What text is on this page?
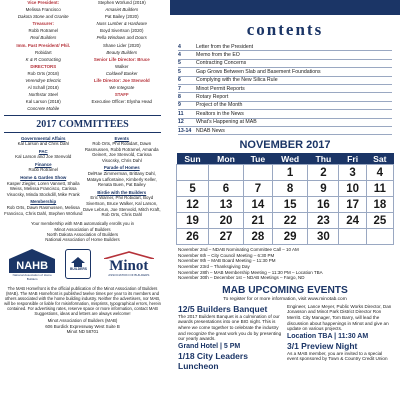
Vice President:
Melissa Francisco
Dakota Stone and Granite
Treasurer:
Robb Rotramel
Real Builders
Imm. Past President/ Phil.
Robidart
K & R Contracting
DIRECTORS
Rob Orts (2018)
Verendrye Electric
Al Schall (2018)
Northstar Steel
Kal Larson (2018)
Concrete Mobile
Stephen Wörlund (2019)
Amasiet Builders
Pat Bailey (2020)
Nuss Lumber & Hardware
Boyd Sivertson (2020)
Pella Windows and Doors
Shane Lider (2020)
Beauty Builders
Senior Life Director: Bruce
Walker
Coldwell Banker
Life Director: Joe Stenvold
We Integrate
STAFF
Executive Officer: Elysha Head
2017 COMMITTEES
Governmental Affairs
Kal Larson and Chris Dahl
PAC
Kal Larson and Joe Stenvold
Finance
Robb Rotramel
Home & Garden Show
Kasper Ziegler, Loren Vannett, Shaila Weiss, Melissa Francisco, Carissa Visocsky, Minda Stockdill, Mike Frank
Membership
Rob Orts, Dawn Rasmussen, Melissa Francisco, Chris Dahl, Stephen Wörlund
Events
Rob Orts, Phil Robidart, Dawn Rasmussen, Robb Rotramel, Amanda Geinert, Joe Stenvold, Carissa Visocsky, Chris Dahl
Parade of Homes
DelRae Zimmerman, Brittany Dahl, Mataya Laflontaine, Kimberly Keller, Renata Buen, Pat Bailey
Birdie with the Builders
Eric Warner, Phil Robidart, Boyd Sivertson, Bruce Walker, Kal Larson, Dave Lebrun, Joe Stenvold, Mitch Kraft, Rob Orts, Chris Dahl
Your membership with MAB automatically enrolls you in
Minot Association of Builders
North Dakota Association of Builders
National Association of Home Builders
NAHB
National Association of Home Builders
BUILDERS Minot
ASSOCIATION OF BUILDERS
The MAB Homefront is the official publication of the Minot Association of Builders (MAB). The MAB Homefront is published twelve times per year to its members and others associated with the home building industry. Neither the advertisers, nor MAB, will be responsible or liable for misinformation, misprints, typographical errors, herein contained. For advertising rates, reserve space or more information, contact MAB Suggestions, ideas and letters are always welcome!
Minot Association of Builders (MAB)
606 Burdick Expressway West Suite B
Minot ND 58701
contents
4	Letter from the President
4	Memo from the EO
5	Contracting Concerns
5	Gap Grows Between Slab and Basement Foundations
6	Complying with the New Silica Rule
7	Minot Permit Reports
8	Rotary Report
9	Project of the Month
11	Realtors in the News
12	What's Happening at MAB
13-14 NDAB News
NOVEMBER 2017
Sun	Mon	Tue	Wed	Thu	Fri	Sat
			1	2	3	4
5	6	7	8	9	10	11
12	13	14	15	16	17	18
19	20	21	22	23	24	25
26	27	28	29	30		
November 2nd – NDAB Nominating Committee Call – 10 AM
November 6th – City Council Meeting – 6:30 PM
November 9th – MAB Board Meeting – 11:30 PM
November 23rd – Thanksgiving Day
November 28th – MAB Membership Meeting – 11:30 PM – Location TBA
November 30th – December 1st – NDAB Meetings – Fargo, ND
MAB UPCOMING EVENTS
To register for or more information, visit www.minotab.com
12/5 Builders Banquet
The 2017 Builders Banquet is a culmination of our awards presentations into one BIG night. This is where we come together to celebrate the industry and recognize the great work you do by presenting our yearly awards.
Grand Hotel | 5 PM
1/18 City Leaders Luncheon
Engineer, Lance Meyer, Public Works Director, Dan Jonasson and Minot Park District Director Ron Merritt. City Manager, Tom Barry, will lead the discussion about happenings in Minot and give an update on various projects.
Location TBA | 11:30 AM
3/1 Preview Night
As a MAB member, you are invited to a special event sponsored by Town & Country Credit Union
